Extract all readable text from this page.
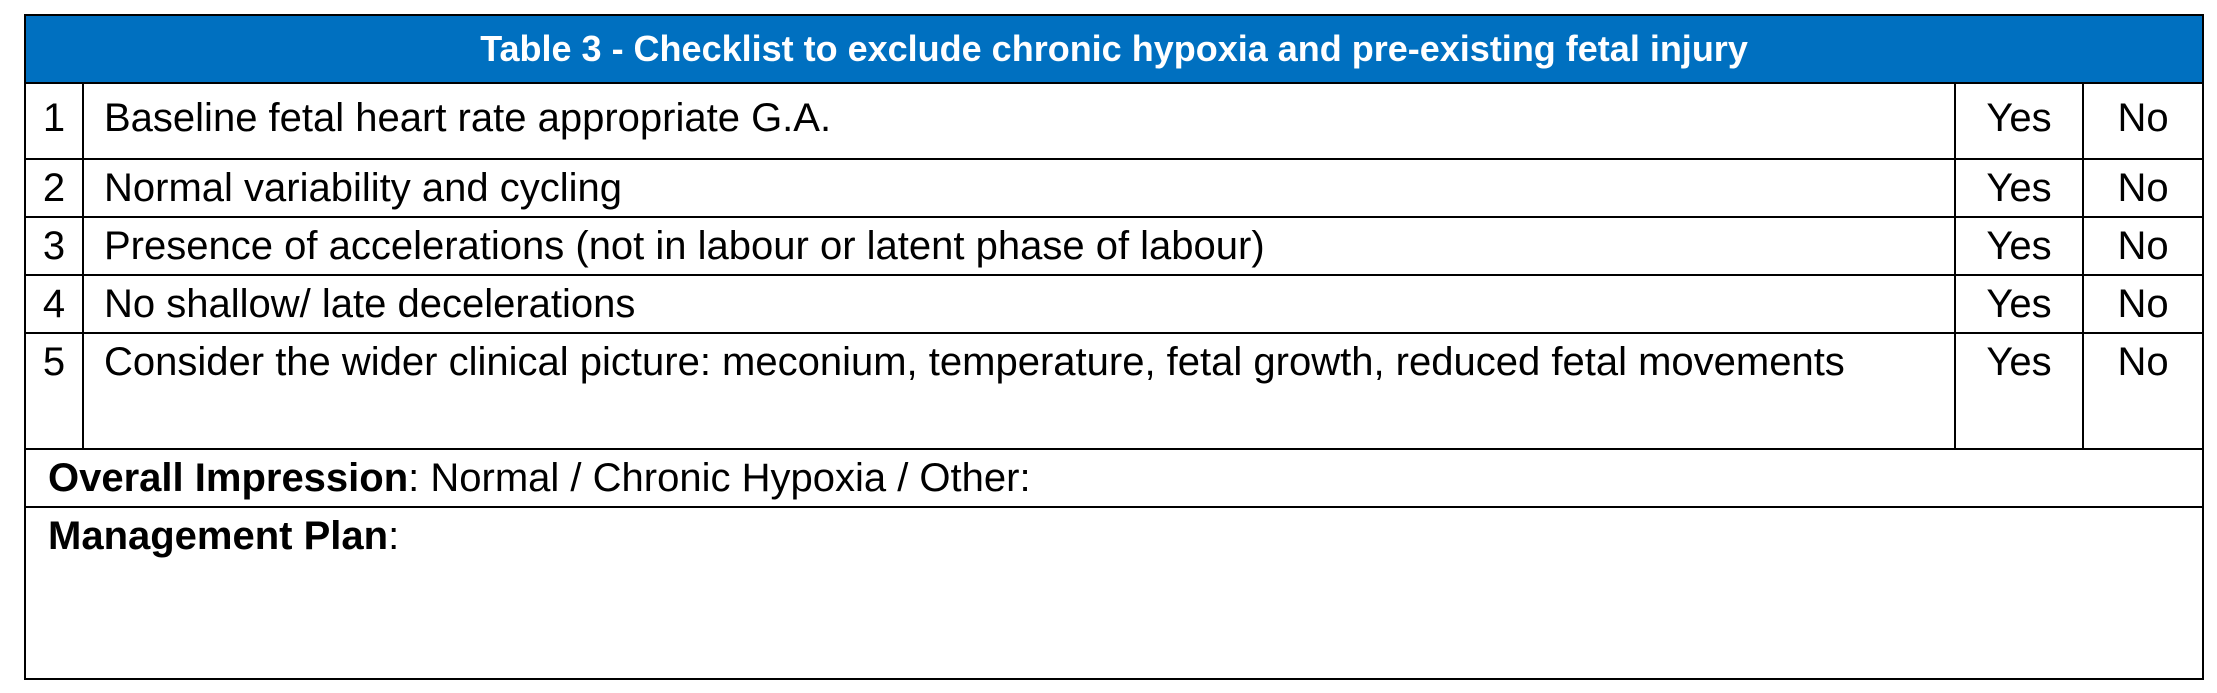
Table 3 - Checklist to exclude chronic hypoxia and pre-existing fetal injury			
1	Baseline fetal heart rate appropriate G.A.	Yes	No
2	Normal variability and cycling	Yes	No
3	Presence of accelerations (not in labour or latent phase of labour)	Yes	No
4	No shallow/ late decelerations	Yes	No
5	Consider the wider clinical picture: meconium, temperature, fetal growth, reduced fetal movements	Yes	No
Overall Impression: Normal / Chronic Hypoxia / Other:			
Management Plan:			
